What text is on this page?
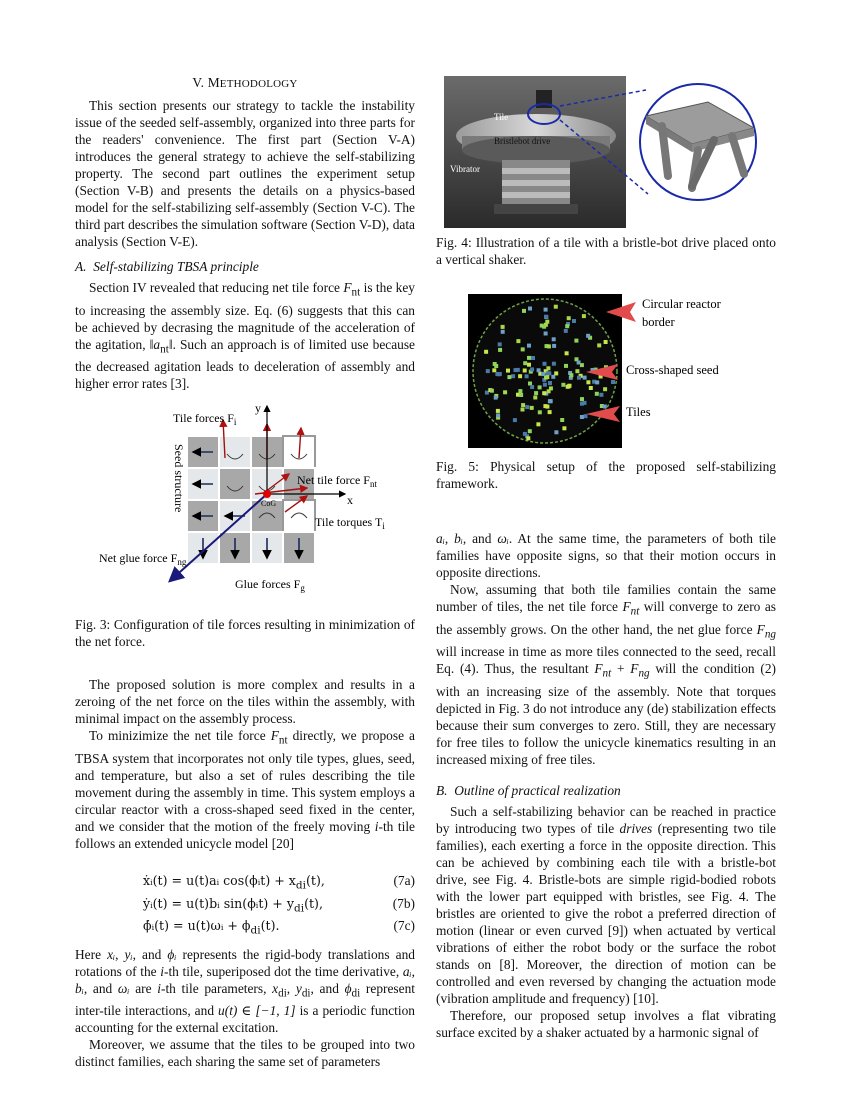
V. METHODOLOGY

This section presents our strategy to tackle the instability issue of the seeded self-assembly, organized into three parts for the readers' convenience. The first part (Section V-A) introduces the general strategy to achieve the self-stabilizing property. The second part outlines the experiment setup (Section V-B) and presents the details on a physics-based model for the self-stabilizing self-assembly (Section V-C). The third part describes the simulation software (Section V-D), data analysis (Section V-E).

A. Self-stabilizing TBSA principle

Section IV revealed that reducing net tile force $F_{nt}$ is the key to increasing the assembly size. Eq. (6) suggests that this can be achieved by decrasing the magnitude of the acceleration of the agitation, $‖a_{nt}‖$. Such an approach is of limited use because the decreased agitation leads to deceleration of assembly and higher error rates [3].

Tile forces $F_i$
y
x
Net tile force $F_{nt}$
CoG
Tile torques $T_i$
Net glue force $F_{ng}$
Glue forces $F_g$
Seed structure

Fig. 3: Configuration of tile forces resulting in minimization of the net force.

The proposed solution is more complex and results in a zeroing of the net force on the tiles within the assembly, with minimal impact on the assembly process.

To minizimize the net tile force $F_{nt}$ directly, we propose a TBSA system that incorporates not only tile types, glues, seed, and temperature, but also a set of rules describing the tile movement during the assembly in time. This system employs a circular reactor with a cross-shaped seed fixed in the center, and we consider that the motion of the freely moving i-th tile follows an extended unicycle model [20]

ẋᵢ(t) = u(t)aᵢ cos(ϕᵢt) + $x_{di}(t)$,	(7a)
ẏᵢ(t) = u(t)bᵢ sin(ϕᵢt) + $y_{di}(t)$,	(7b)
ϕ̇ᵢ(t) = u(t)ωᵢ + $\phi_{di}(t)$.	(7c)

Here xᵢ, yᵢ, and ϕᵢ represents the rigid-body translations and rotations of the i-th tile, superiposed dot the time derivative, aᵢ, bᵢ, and ωᵢ are i-th tile parameters, $x_{di}$, $y_{di}$, and $\phi_{di}$ represent inter-tile interactions, and u(t) ∈ [−1, 1] is a periodic function accounting for the external excitation.

Moreover, we assume that the tiles to be grouped into two distinct families, each sharing the same set of parameters

Tile
Bristlebot drive
Vibrator

Fig. 4: Illustration of a tile with a bristle-bot drive placed onto a vertical shaker.

Circular reactor
border
Cross-shaped seed
Tiles

Fig. 5: Physical setup of the proposed self-stabilizing framework.

aᵢ, bᵢ, and ωᵢ. At the same time, the parameters of both tile families have opposite signs, so that their motion occurs in opposite directions.

Now, assuming that both tile families contain the same number of tiles, the net tile force $F_{nt}$ will converge to zero as the assembly grows. On the other hand, the net glue force $F_{ng}$ will increase in time as more tiles connected to the seed, recall Eq. (4). Thus, the resultant $F_{nt} + F_{ng}$ will the condition (2) with an increasing size of the assembly. Note that torques depicted in Fig. 3 do not introduce any (de) stabilization effects because their sum converges to zero. Still, they are necessary for free tiles to follow the unicycle kinematics resulting in an increased mixing of free tiles.

B. Outline of practical realization

Such a self-stabilizing behavior can be reached in practice by introducing two types of tile drives (representing two tile families), each exerting a force in the opposite direction. This can be achieved by combining each tile with a bristle-bot drive, see Fig. 4. Bristle-bots are simple rigid-bodied robots with the lower part equipped with bristles, see Fig. 4. The bristles are oriented to give the robot a preferred direction of motion (linear or even curved [9]) when actuated by vertical vibrations of either the robot body or the surface the robot stands on [8]. Moreover, the direction of motion can be controlled and even reversed by changing the actuation mode (vibration amplitude and frequency) [10].

Therefore, our proposed setup involves a flat vibrating surface excited by a shaker actuated by a harmonic signal of
